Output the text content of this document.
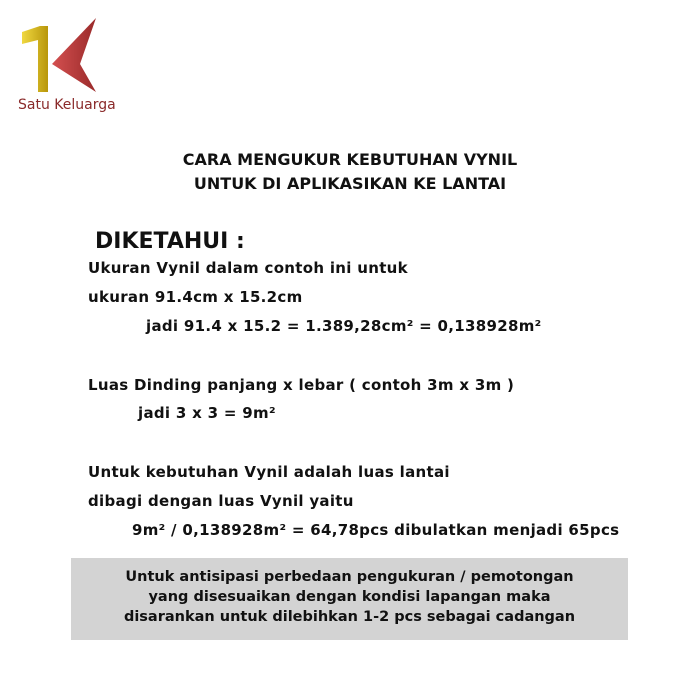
Satu Keluarga
CARA MENGUKUR KEBUTUHAN VYNIL
UNTUK DI APLIKASIKAN KE LANTAI
DIKETAHUI :
Ukuran Vynil dalam contoh ini untuk
ukuran 91.4cm x 15.2cm
jadi 91.4 x 15.2 = 1.389,28cm² = 0,138928m²
Luas Dinding panjang x lebar ( contoh 3m x 3m )
jadi 3 x 3 = 9m²
Untuk kebutuhan Vynil adalah luas lantai
dibagi dengan luas Vynil yaitu
9m² / 0,138928m² = 64,78pcs dibulatkan menjadi 65pcs
Untuk antisipasi perbedaan pengukuran / pemotongan
yang disesuaikan dengan kondisi lapangan maka
disarankan untuk dilebihkan 1-2 pcs sebagai cadangan
